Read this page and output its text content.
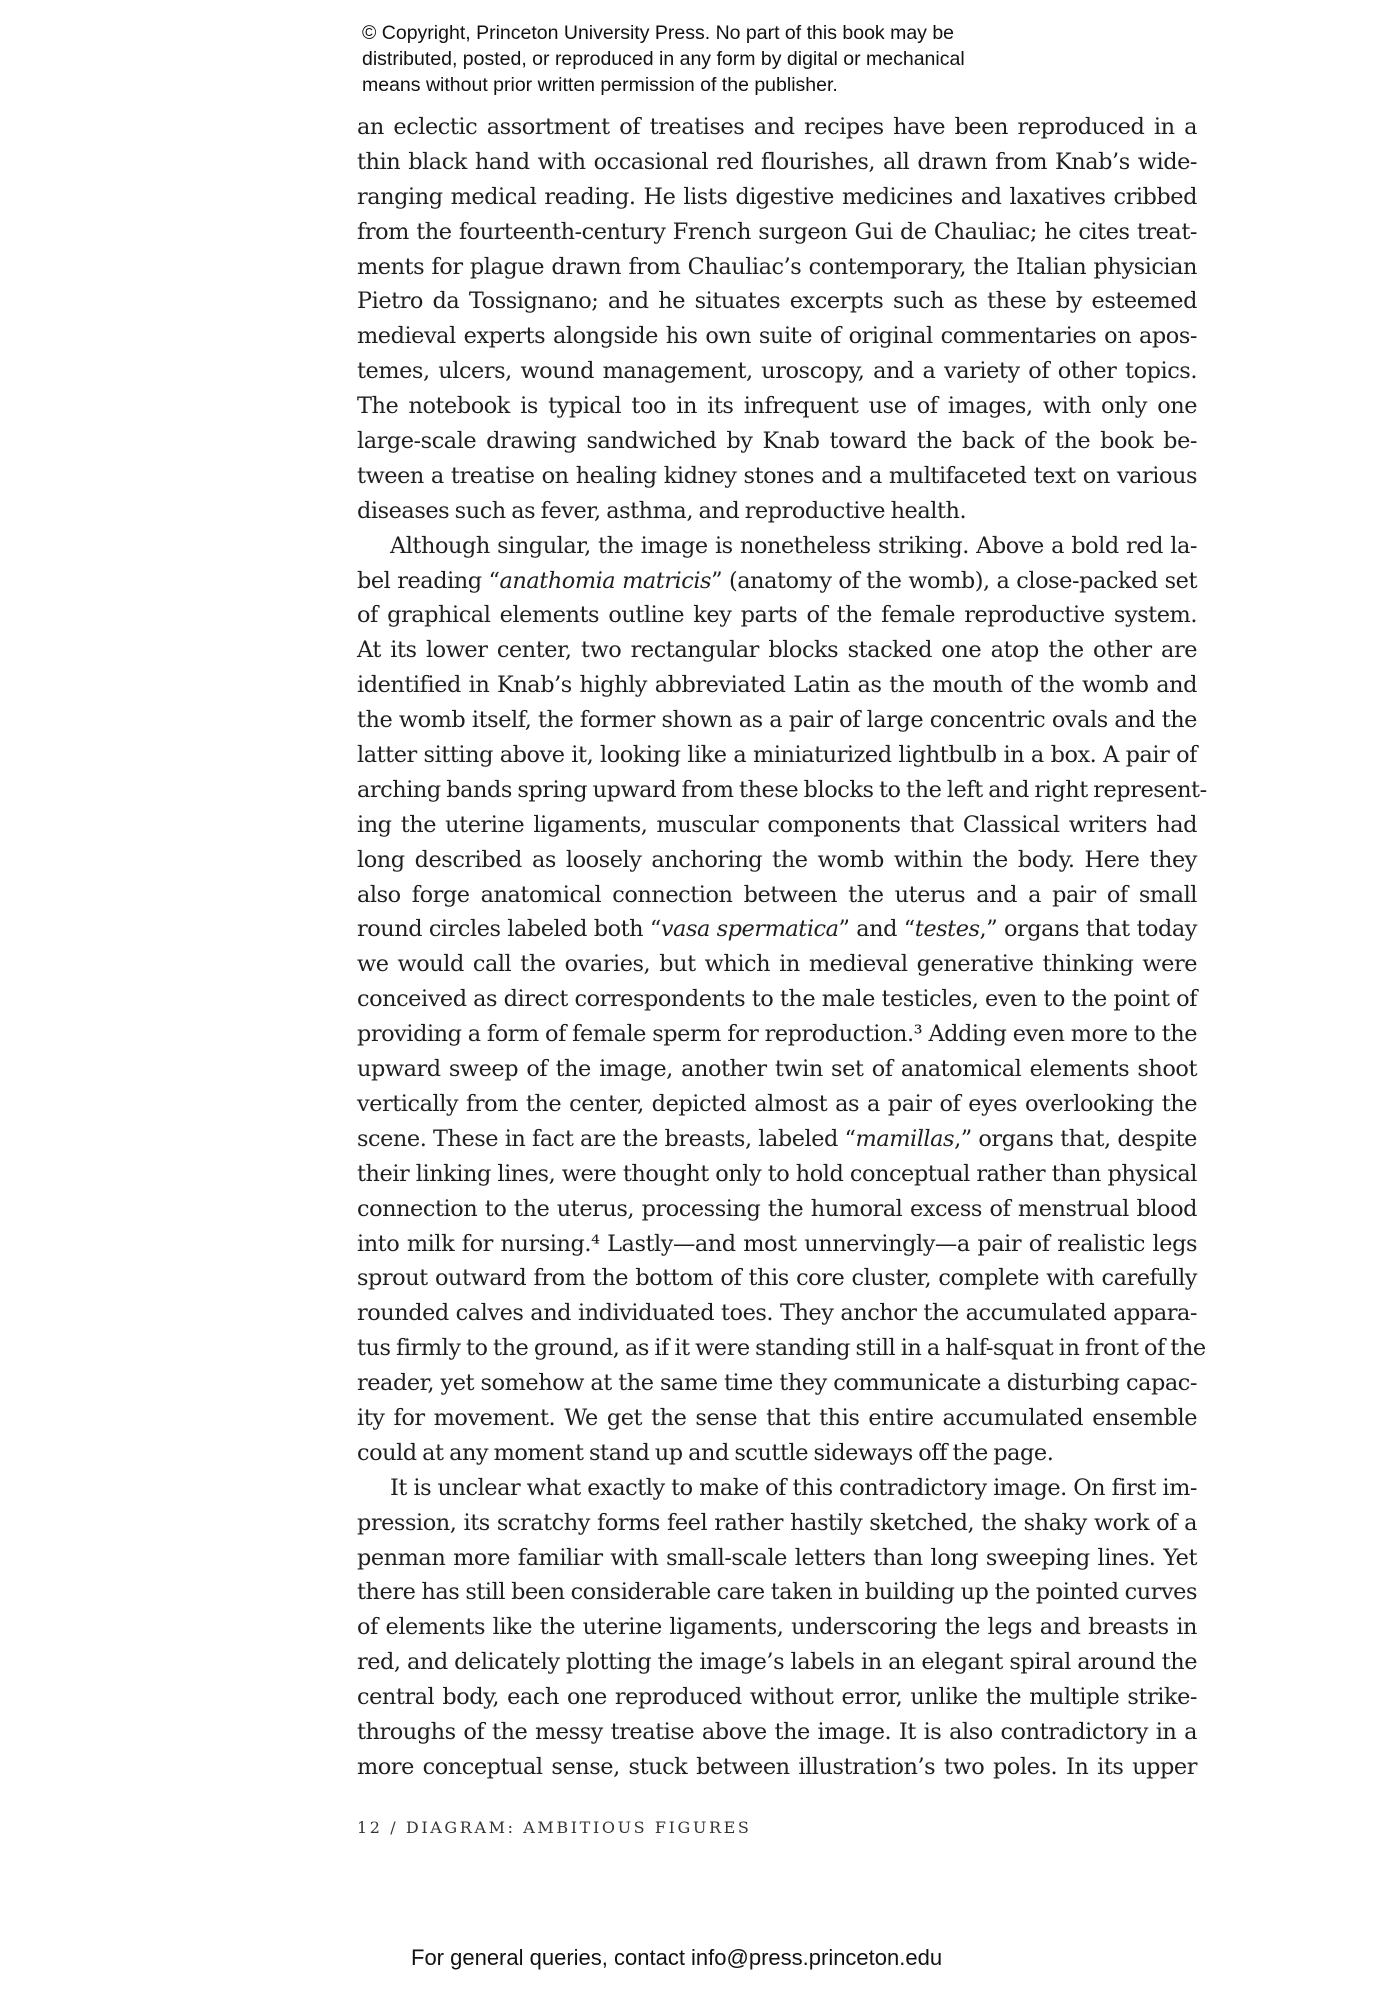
© Copyright, Princeton University Press. No part of this book may be
distributed, posted, or reproduced in any form by digital or mechanical
means without prior written permission of the publisher.
an eclectic assortment of treatises and recipes have been reproduced in a
thin black hand with occasional red flourishes, all drawn from Knab’s wide-
ranging medical reading. He lists digestive medicines and laxatives cribbed
from the fourteenth-century French surgeon Gui de Chauliac; he cites treat-
ments for plague drawn from Chauliac’s contemporary, the Italian physician
Pietro da Tossignano; and he situates excerpts such as these by esteemed
medieval experts alongside his own suite of original commentaries on apos-
temes, ulcers, wound management, uroscopy, and a variety of other topics.
The notebook is typical too in its infrequent use of images, with only one
large-scale drawing sandwiched by Knab toward the back of the book be-
tween a treatise on healing kidney stones and a multifaceted text on various
diseases such as fever, asthma, and reproductive health.
Although singular, the image is nonetheless striking. Above a bold red la-
bel reading “anathomia matricis” (anatomy of the womb), a close-packed set
of graphical elements outline key parts of the female reproductive system.
At its lower center, two rectangular blocks stacked one atop the other are
identified in Knab’s highly abbreviated Latin as the mouth of the womb and
the womb itself, the former shown as a pair of large concentric ovals and the
latter sitting above it, looking like a miniaturized lightbulb in a box. A pair of
arching bands spring upward from these blocks to the left and right represent-
ing the uterine ligaments, muscular components that Classical writers had
long described as loosely anchoring the womb within the body. Here they
also forge anatomical connection between the uterus and a pair of small
round circles labeled both “vasa spermatica” and “testes,” organs that today
we would call the ovaries, but which in medieval generative thinking were
conceived as direct correspondents to the male testicles, even to the point of
providing a form of female sperm for reproduction.³ Adding even more to the
upward sweep of the image, another twin set of anatomical elements shoot
vertically from the center, depicted almost as a pair of eyes overlooking the
scene. These in fact are the breasts, labeled “mamillas,” organs that, despite
their linking lines, were thought only to hold conceptual rather than physical
connection to the uterus, processing the humoral excess of menstrual blood
into milk for nursing.⁴ Lastly—and most unnervingly—a pair of realistic legs
sprout outward from the bottom of this core cluster, complete with carefully
rounded calves and individuated toes. They anchor the accumulated appara-
tus firmly to the ground, as if it were standing still in a half-squat in front of the
reader, yet somehow at the same time they communicate a disturbing capac-
ity for movement. We get the sense that this entire accumulated ensemble
could at any moment stand up and scuttle sideways off the page.
It is unclear what exactly to make of this contradictory image. On first im-
pression, its scratchy forms feel rather hastily sketched, the shaky work of a
penman more familiar with small-scale letters than long sweeping lines. Yet
there has still been considerable care taken in building up the pointed curves
of elements like the uterine ligaments, underscoring the legs and breasts in
red, and delicately plotting the image’s labels in an elegant spiral around the
central body, each one reproduced without error, unlike the multiple strike-
throughs of the messy treatise above the image. It is also contradictory in a
more conceptual sense, stuck between illustration’s two poles. In its upper
12 / DIAGRAM: AMBITIOUS FIGURES
For general queries, contact info@press.princeton.edu
